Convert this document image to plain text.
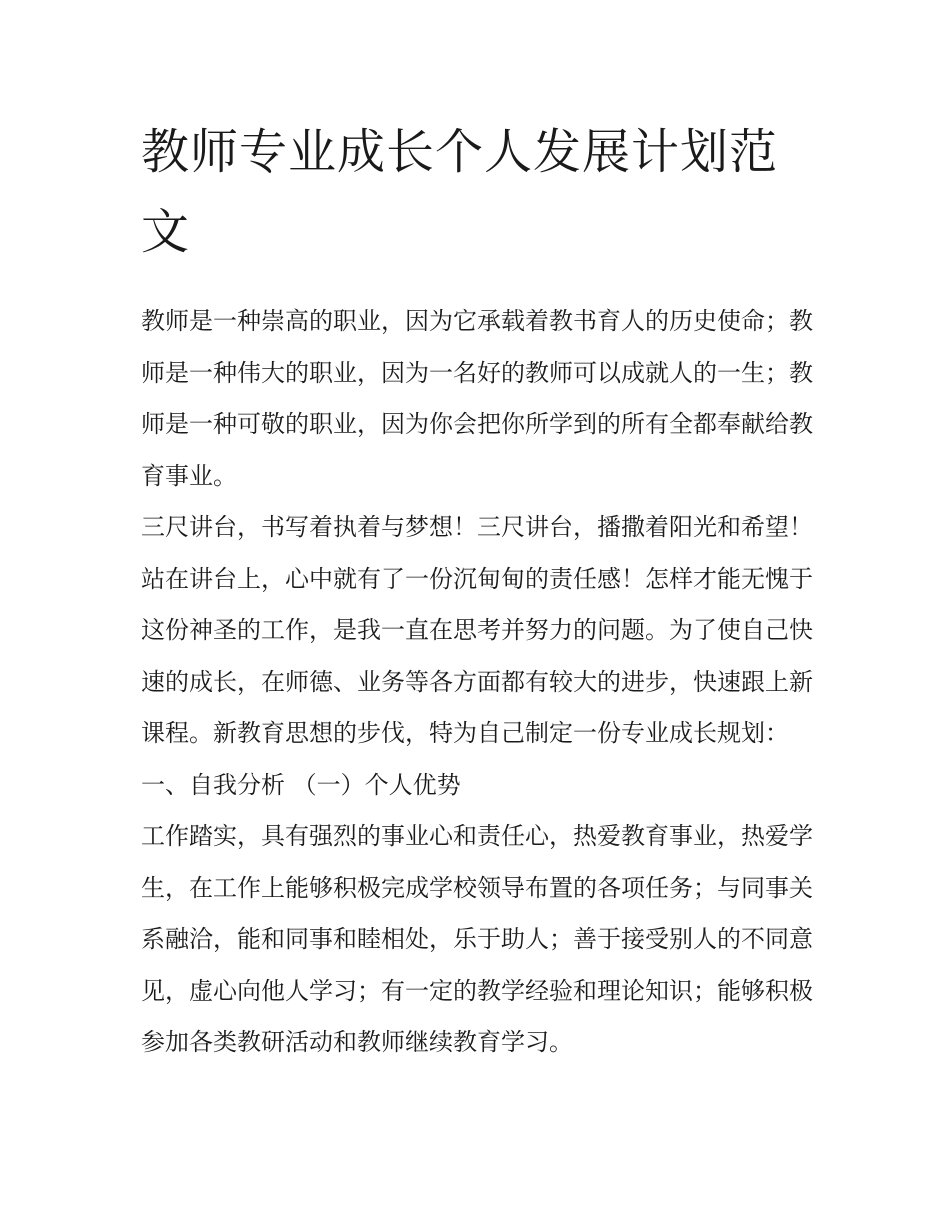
教师专业成长个人发展计划范文

教师是一种崇高的职业，因为它承载着教书育人的历史使命；教师是一种伟大的职业，因为一名好的教师可以成就人的一生；教师是一种可敬的职业，因为你会把你所学到的所有全都奉献给教育事业。

三尺讲台，书写着执着与梦想！三尺讲台，播撒着阳光和希望！站在讲台上，心中就有了一份沉甸甸的责任感！怎样才能无愧于这份神圣的工作，是我一直在思考并努力的问题。为了使自己快速的成长，在师德、业务等各方面都有较大的进步，快速跟上新课程。新教育思想的步伐，特为自己制定一份专业成长规划：

一、自我分析 （一）个人优势

工作踏实，具有强烈的事业心和责任心，热爱教育事业，热爱学生，在工作上能够积极完成学校领导布置的各项任务；与同事关系融洽，能和同事和睦相处，乐于助人；善于接受别人的不同意见，虚心向他人学习；有一定的教学经验和理论知识；能够积极参加各类教研活动和教师继续教育学习。
